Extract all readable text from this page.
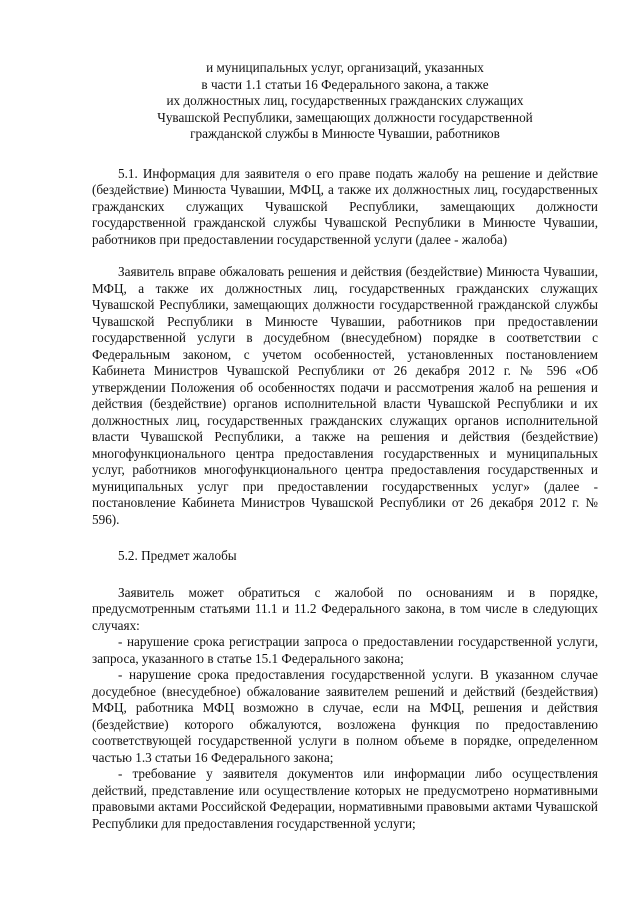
и муниципальных услуг, организаций, указанных
в части 1.1 статьи 16 Федерального закона, а также
их должностных лиц, государственных гражданских служащих
Чувашской Республики, замещающих должности государственной
гражданской службы в Минюсте Чувашии, работников

5.1. Информация для заявителя о его праве подать жалобу на решение и действие (бездействие) Минюста Чувашии, МФЦ, а также их должностных лиц, государственных гражданских служащих Чувашской Республики, замещающих должности государственной гражданской службы Чувашской Республики в Минюсте Чувашии, работников при предоставлении государственной услуги (далее - жалоба)

Заявитель вправе обжаловать решения и действия (бездействие) Минюста Чувашии, МФЦ, а также их должностных лиц, государственных гражданских служащих Чувашской Республики, замещающих должности государственной гражданской службы Чувашской Республики в Минюсте Чувашии, работников при предоставлении государственной услуги в досудебном (внесудебном) порядке в соответствии с Федеральным законом, с учетом особенностей, установленных постановлением Кабинета Министров Чувашской Республики от 26 декабря 2012 г. № 596 «Об утверждении Положения об особенностях подачи и рассмотрения жалоб на решения и действия (бездействие) органов исполнительной власти Чувашской Республики и их должностных лиц, государственных гражданских служащих органов исполнительной власти Чувашской Республики, а также на решения и действия (бездействие) многофункционального центра предоставления государственных и муниципальных услуг, работников многофункционального центра предоставления государственных и муниципальных услуг при предоставлении государственных услуг» (далее - постановление Кабинета Министров Чувашской Республики от 26 декабря 2012 г. № 596).

5.2. Предмет жалобы

Заявитель может обратиться с жалобой по основаниям и в порядке, предусмотренным статьями 11.1 и 11.2 Федерального закона, в том числе в следующих случаях:

- нарушение срока регистрации запроса о предоставлении государственной услуги, запроса, указанного в статье 15.1 Федерального закона;

- нарушение срока предоставления государственной услуги. В указанном случае досудебное (внесудебное) обжалование заявителем решений и действий (бездействия) МФЦ, работника МФЦ возможно в случае, если на МФЦ, решения и действия (бездействие) которого обжалуются, возложена функция по предоставлению соответствующей государственной услуги в полном объеме в порядке, определенном частью 1.3 статьи 16 Федерального закона;

- требование у заявителя документов или информации либо осуществления действий, представление или осуществление которых не предусмотрено нормативными правовыми актами Российской Федерации, нормативными правовыми актами Чувашской Республики для предоставления государственной услуги;
